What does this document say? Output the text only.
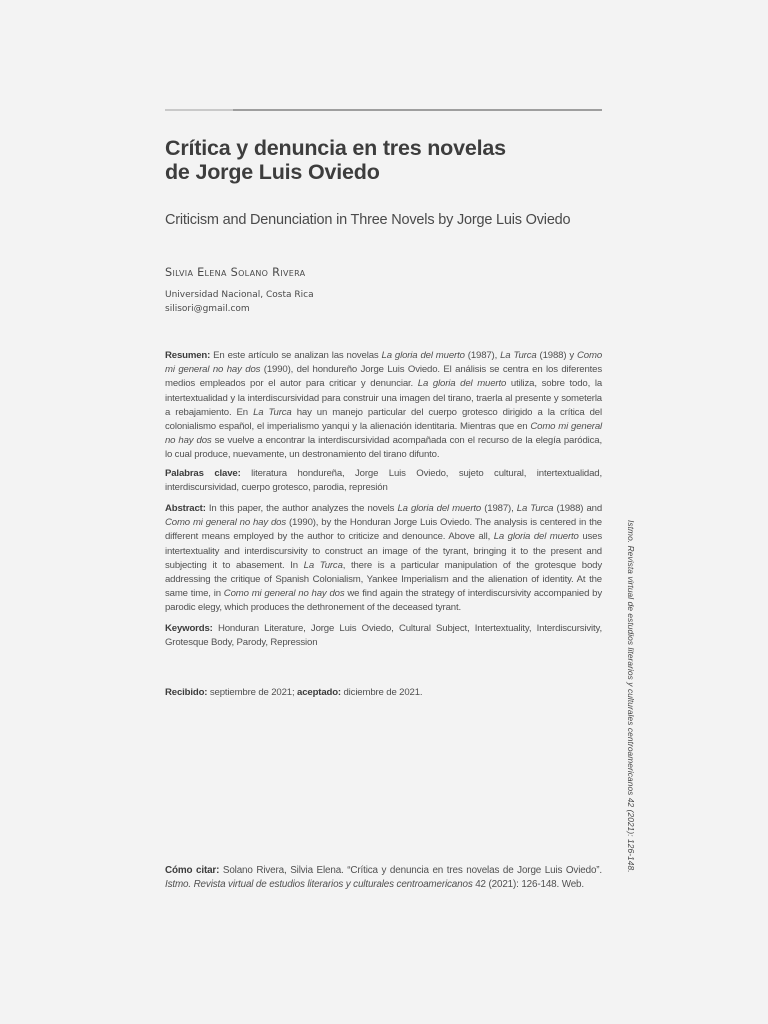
Crítica y denuncia en tres novelas
de Jorge Luis Oviedo
Criticism and Denunciation in Three Novels by Jorge Luis Oviedo
Silvia Elena Solano Rivera
Universidad Nacional, Costa Rica
silisori@gmail.com

Resumen: En este artículo se analizan las novelas La gloria del muerto (1987), La Turca (1988) y Como mi general no hay dos (1990), del hondureño Jorge Luis Oviedo. El análisis se centra en los diferentes medios empleados por el autor para criticar y denunciar. La gloria del muerto utiliza, sobre todo, la intertextualidad y la interdiscursividad para construir una imagen del tirano, traerla al presente y someterla a rebajamiento. En La Turca hay un manejo particular del cuerpo grotesco dirigido a la crítica del colonialismo español, el imperialismo yanqui y la alienación identitaria. Mientras que en Como mi general no hay dos se vuelve a encontrar la interdiscursividad acompañada con el recurso de la elegía paródica, lo cual produce, nuevamente, un destronamiento del tirano difunto.

Palabras clave: literatura hondureña, Jorge Luis Oviedo, sujeto cultural, intertextualidad, interdiscursividad, cuerpo grotesco, parodia, represión

Abstract: In this paper, the author analyzes the novels La gloria del muerto (1987), La Turca (1988) and Como mi general no hay dos (1990), by the Honduran Jorge Luis Oviedo. The analysis is centered in the different means employed by the author to criticize and denounce. Above all, La gloria del muerto uses intertextuality and interdiscursivity to construct an image of the tyrant, bringing it to the present and subjecting it to abasement. In La Turca, there is a particular manipulation of the grotesque body addressing the critique of Spanish Colonialism, Yankee Imperialism and the alienation of identity. At the same time, in Como mi general no hay dos we find again the strategy of interdiscursivity accompanied by parodic elegy, which produces the dethronement of the deceased tyrant.

Keywords: Honduran Literature, Jorge Luis Oviedo, Cultural Subject, Intertextuality, Interdiscursivity, Grotesque Body, Parody, Repression

Recibido: septiembre de 2021; aceptado: diciembre de 2021.

Cómo citar: Solano Rivera, Silvia Elena. “Crítica y denuncia en tres novelas de Jorge Luis Oviedo”. Istmo. Revista virtual de estudios literarios y culturales centroamericanos 42 (2021): 126-148. Web.

Istmo. Revista virtual de estudios literarios y culturales centroamericanos 42 (2021): 126-148.
